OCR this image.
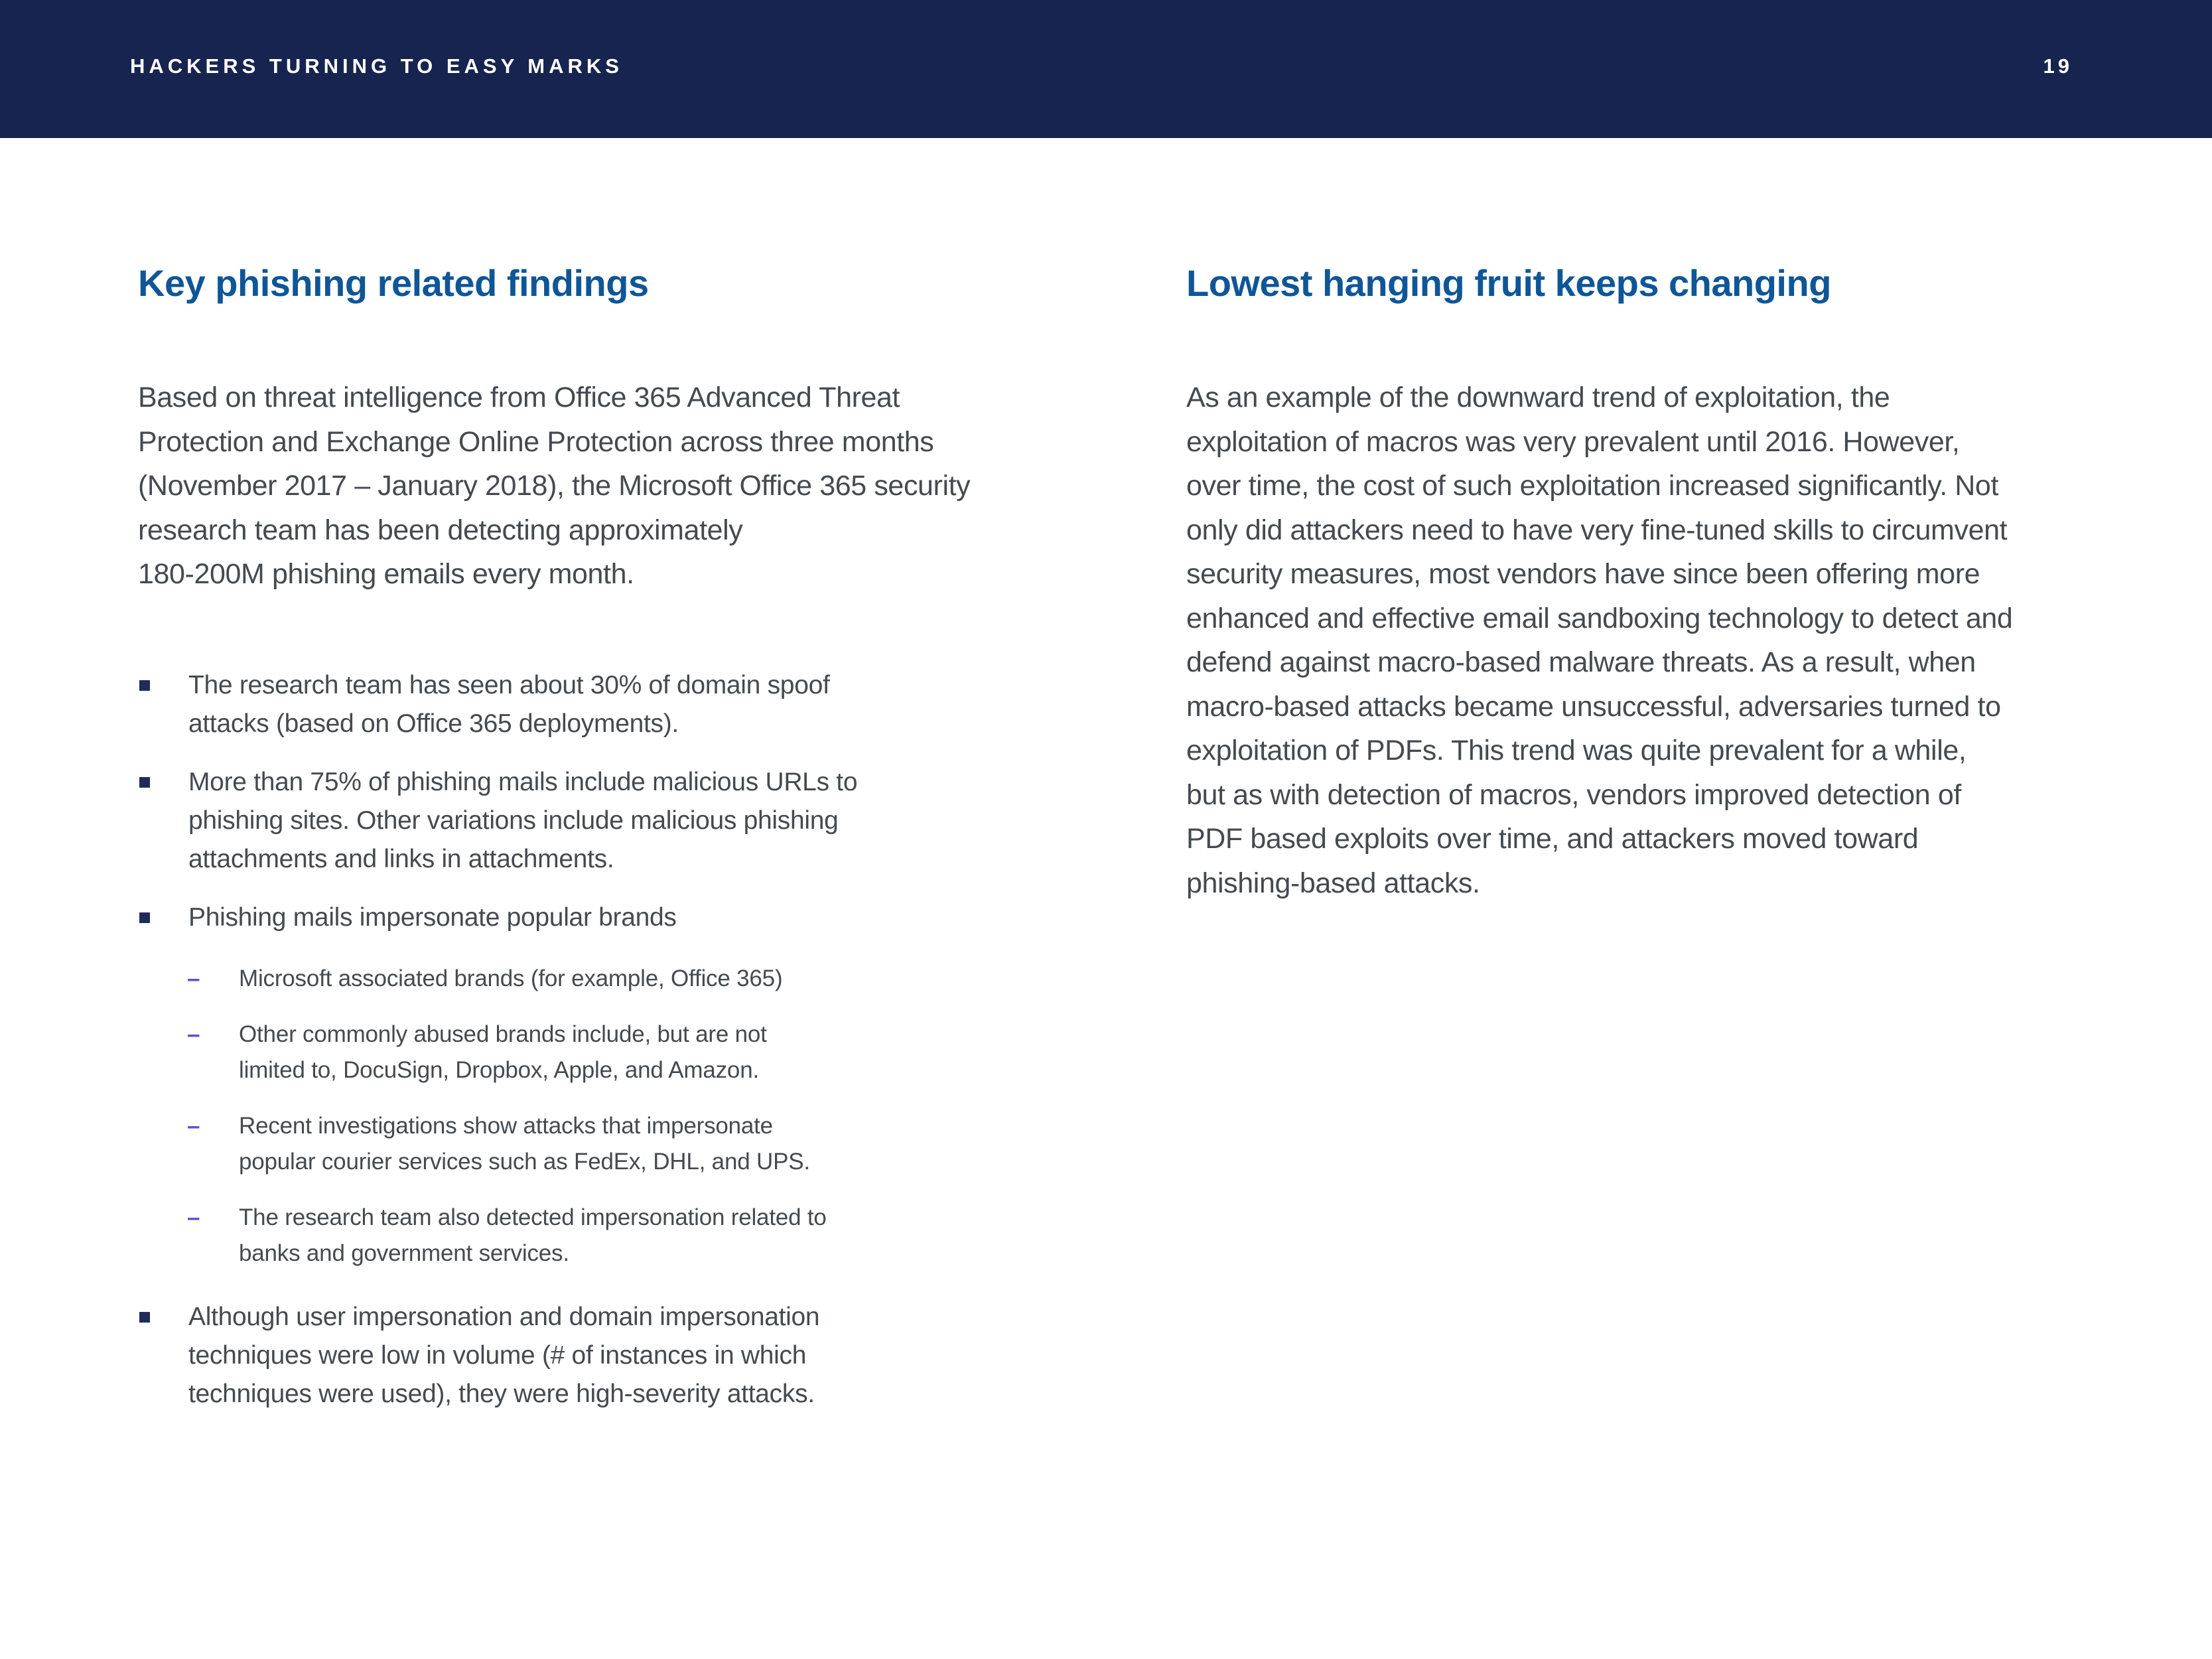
HACKERS TURNING TO EASY MARKS	19
Key phishing related findings
Based on threat intelligence from Office 365 Advanced Threat
Protection and Exchange Online Protection across three months
(November 2017 – January 2018), the Microsoft Office 365 security
research team has been detecting approximately
180-200M phishing emails every month.
The research team has seen about 30% of domain spoof
attacks (based on Office 365 deployments).
More than 75% of phishing mails include malicious URLs to
phishing sites. Other variations include malicious phishing
attachments and links in attachments.
Phishing mails impersonate popular brands
– Microsoft associated brands (for example, Office 365)
– Other commonly abused brands include, but are not
limited to, DocuSign, Dropbox, Apple, and Amazon.
– Recent investigations show attacks that impersonate
popular courier services such as FedEx, DHL, and UPS.
– The research team also detected impersonation related to
banks and government services.
Although user impersonation and domain impersonation
techniques were low in volume (# of instances in which
techniques were used), they were high-severity attacks.
Lowest hanging fruit keeps changing
As an example of the downward trend of exploitation, the
exploitation of macros was very prevalent until 2016. However,
over time, the cost of such exploitation increased significantly. Not
only did attackers need to have very fine-tuned skills to circumvent
security measures, most vendors have since been offering more
enhanced and effective email sandboxing technology to detect and
defend against macro-based malware threats. As a result, when
macro-based attacks became unsuccessful, adversaries turned to
exploitation of PDFs. This trend was quite prevalent for a while,
but as with detection of macros, vendors improved detection of
PDF based exploits over time, and attackers moved toward
phishing-based attacks.
